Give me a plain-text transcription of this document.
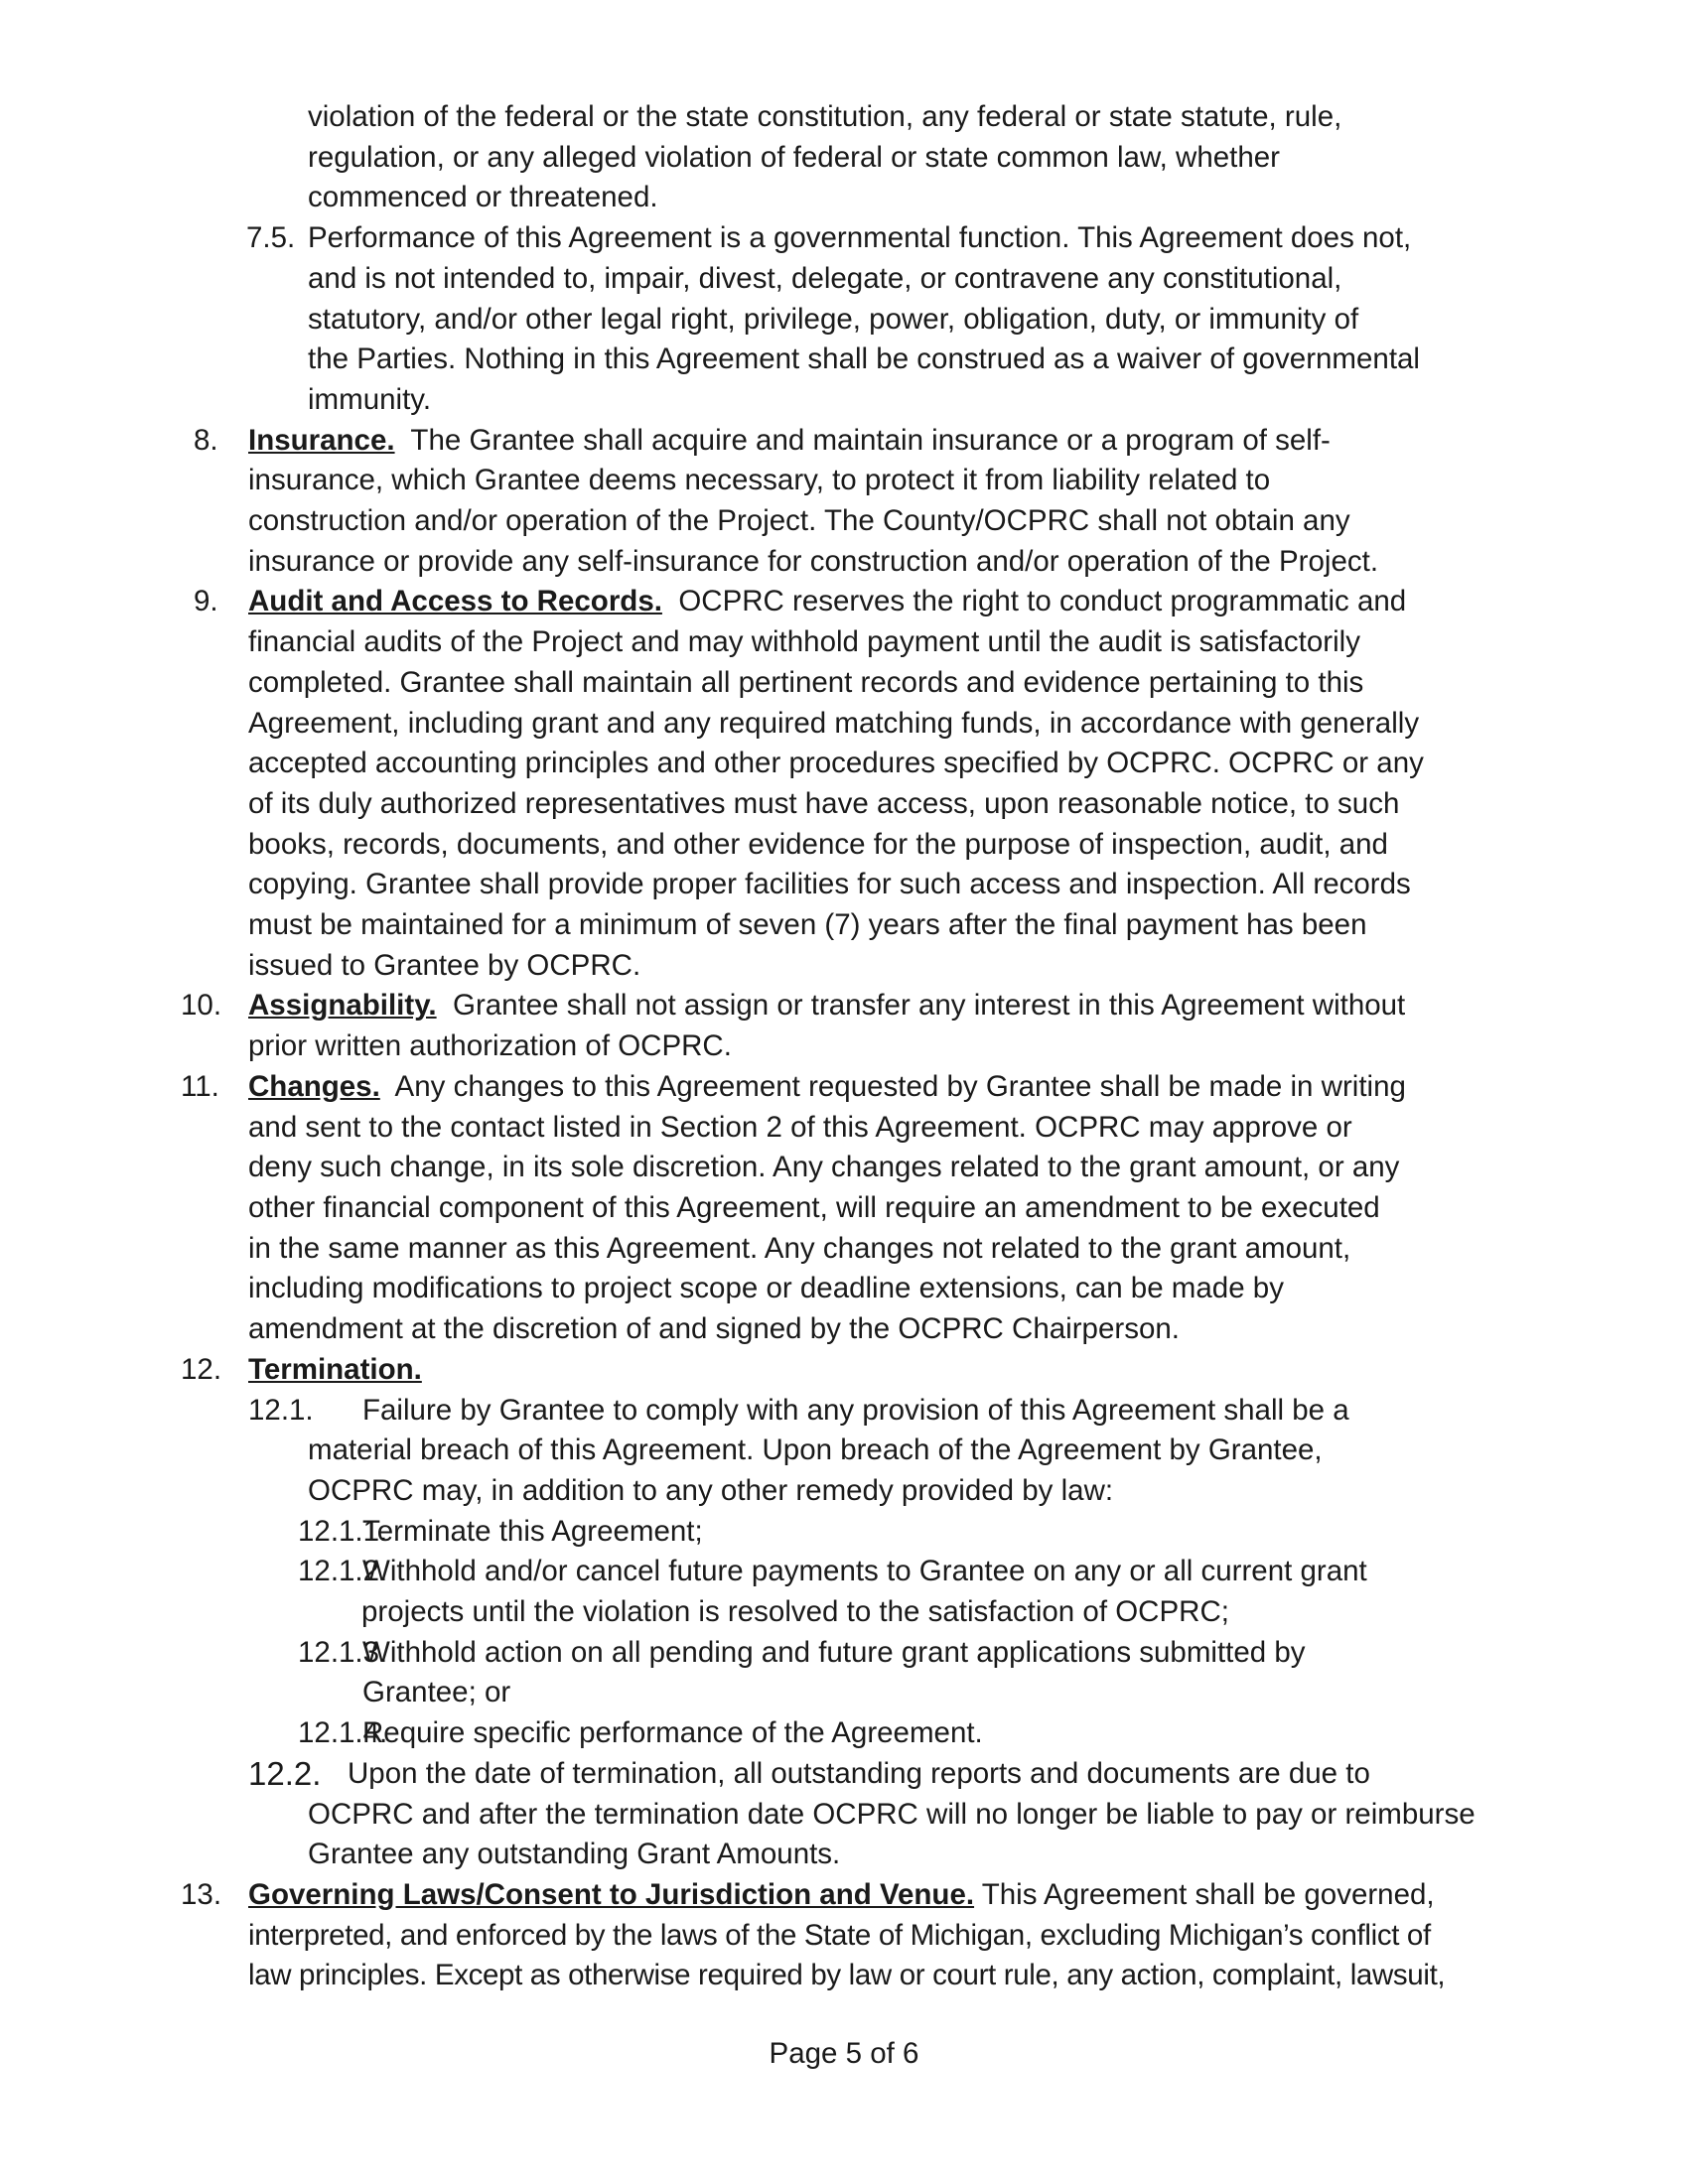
violation of the federal or the state constitution, any federal or state statute, rule,
regulation, or any alleged violation of federal or state common law, whether
commenced or threatened.
7.5. Performance of this Agreement is a governmental function. This Agreement does not,
and is not intended to, impair, divest, delegate, or contravene any constitutional,
statutory, and/or other legal right, privilege, power, obligation, duty, or immunity of
the Parties. Nothing in this Agreement shall be construed as a waiver of governmental
immunity.
8. Insurance.  The Grantee shall acquire and maintain insurance or a program of self-
insurance, which Grantee deems necessary, to protect it from liability related to
construction and/or operation of the Project. The County/OCPRC shall not obtain any
insurance or provide any self-insurance for construction and/or operation of the Project.
9. Audit and Access to Records.  OCPRC reserves the right to conduct programmatic and
financial audits of the Project and may withhold payment until the audit is satisfactorily
completed. Grantee shall maintain all pertinent records and evidence pertaining to this
Agreement, including grant and any required matching funds, in accordance with generally
accepted accounting principles and other procedures specified by OCPRC. OCPRC or any
of its duly authorized representatives must have access, upon reasonable notice, to such
books, records, documents, and other evidence for the purpose of inspection, audit, and
copying. Grantee shall provide proper facilities for such access and inspection. All records
must be maintained for a minimum of seven (7) years after the final payment has been
issued to Grantee by OCPRC.
10. Assignability.  Grantee shall not assign or transfer any interest in this Agreement without
prior written authorization of OCPRC.
11. Changes.  Any changes to this Agreement requested by Grantee shall be made in writing
and sent to the contact listed in Section 2 of this Agreement. OCPRC may approve or
deny such change, in its sole discretion. Any changes related to the grant amount, or any
other financial component of this Agreement, will require an amendment to be executed
in the same manner as this Agreement. Any changes not related to the grant amount,
including modifications to project scope or deadline extensions, can be made by
amendment at the discretion of and signed by the OCPRC Chairperson.
12. Termination.
12.1.	Failure by Grantee to comply with any provision of this Agreement shall be a
material breach of this Agreement. Upon breach of the Agreement by Grantee,
OCPRC may, in addition to any other remedy provided by law:
12.1.1.
Terminate this Agreement;
12.1.2.
Withhold and/or cancel future payments to Grantee on any or all current grant
projects until the violation is resolved to the satisfaction of OCPRC;
12.1.3.
Withhold action on all pending and future grant applications submitted by
Grantee; or
12.1.4.
Require specific performance of the Agreement.
12.2. Upon the date of termination, all outstanding reports and documents are due to
OCPRC and after the termination date OCPRC will no longer be liable to pay or reimburse
Grantee any outstanding Grant Amounts.
13. Governing Laws/Consent to Jurisdiction and Venue. This Agreement shall be governed,
interpreted, and enforced by the laws of the State of Michigan, excluding Michigan’s conflict of
law principles. Except as otherwise required by law or court rule, any action, complaint, lawsuit,
Page 5 of 6
